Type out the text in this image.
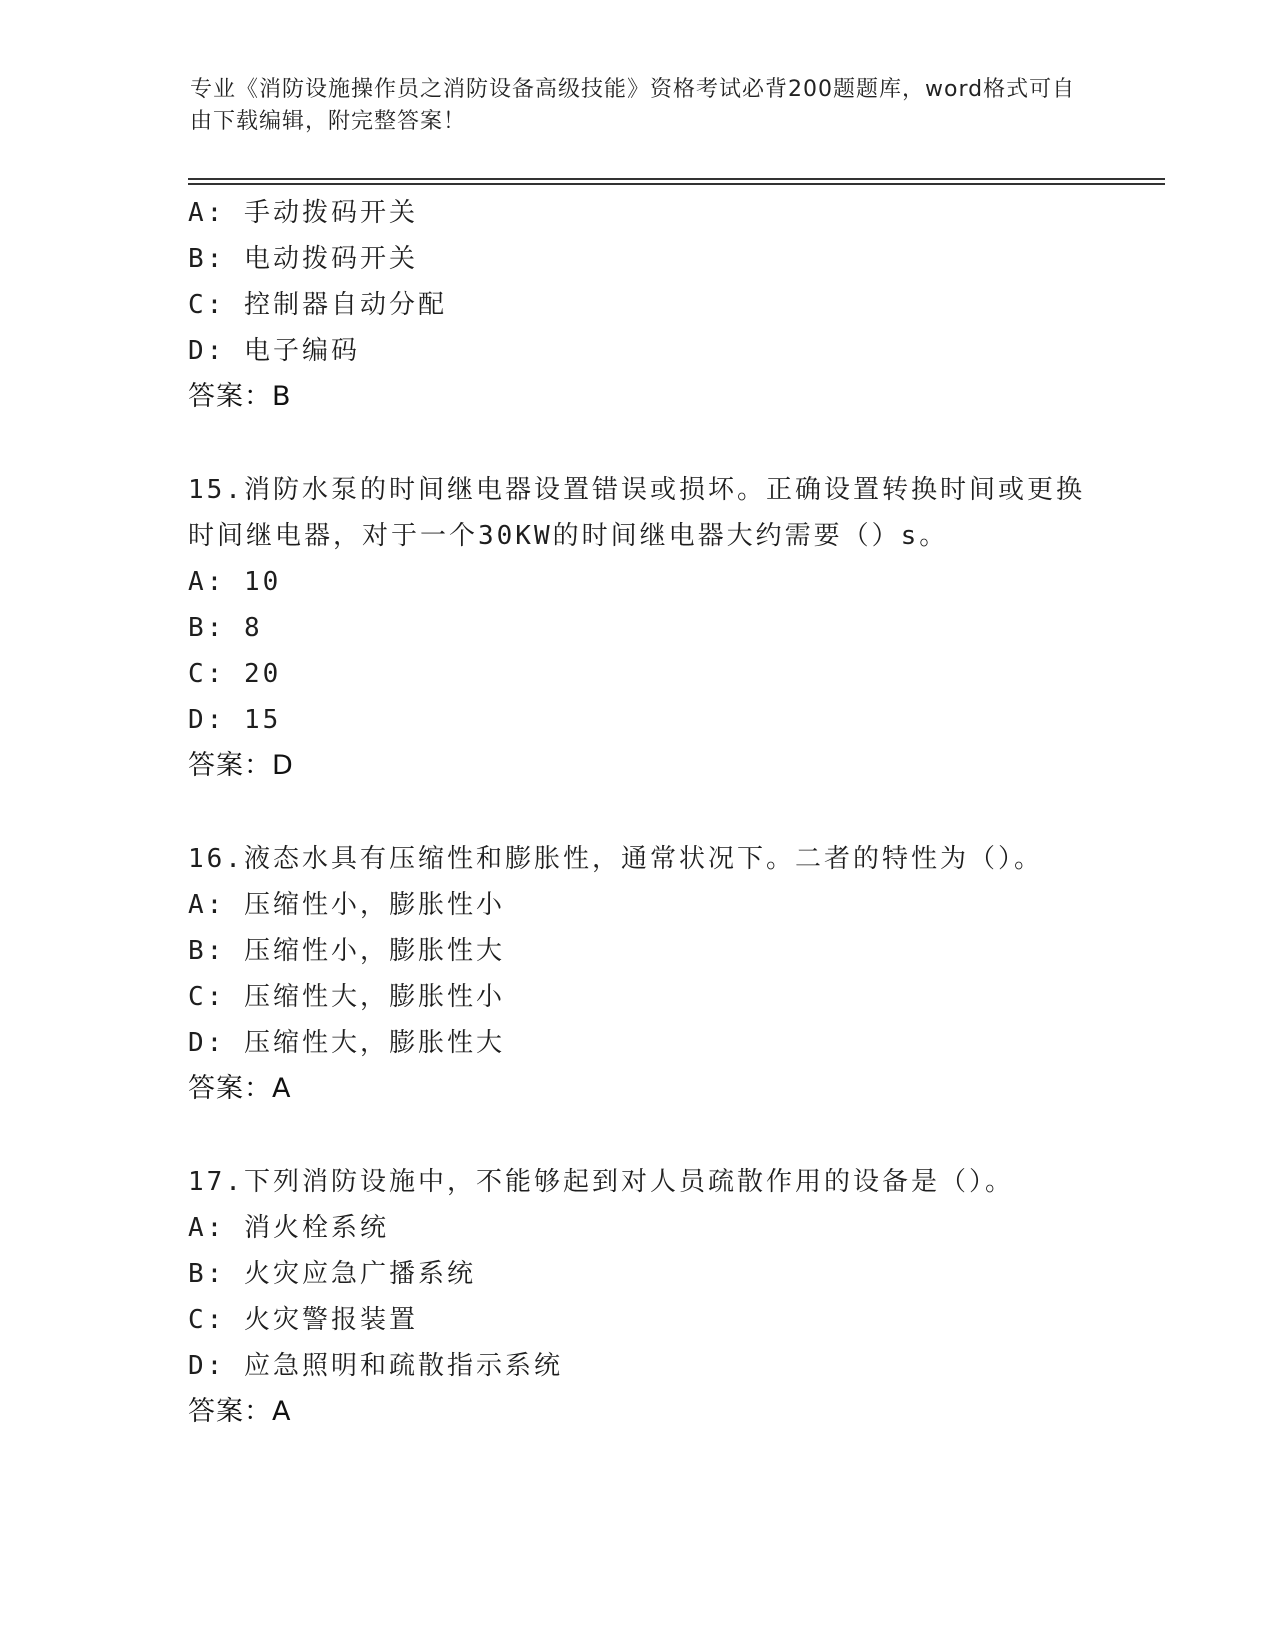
专业《消防设施操作员之消防设备高级技能》资格考试必背200题题库，word格式可自由下载编辑，附完整答案！
A: 手动拨码开关
B: 电动拨码开关
C: 控制器自动分配
D: 电子编码
答案：B
15.消防水泵的时间继电器设置错误或损坏。正确设置转换时间或更换时间继电器，对于一个30KW的时间继电器大约需要（）s。
A: 10
B: 8
C: 20
D: 15
答案：D
16.液态水具有压缩性和膨胀性，通常状况下。二者的特性为（）。
A: 压缩性小，膨胀性小
B: 压缩性小，膨胀性大
C: 压缩性大，膨胀性小
D: 压缩性大，膨胀性大
答案：A
17.下列消防设施中，不能够起到对人员疏散作用的设备是（）。
A: 消火栓系统
B: 火灾应急广播系统
C: 火灾警报装置
D: 应急照明和疏散指示系统
答案：A
